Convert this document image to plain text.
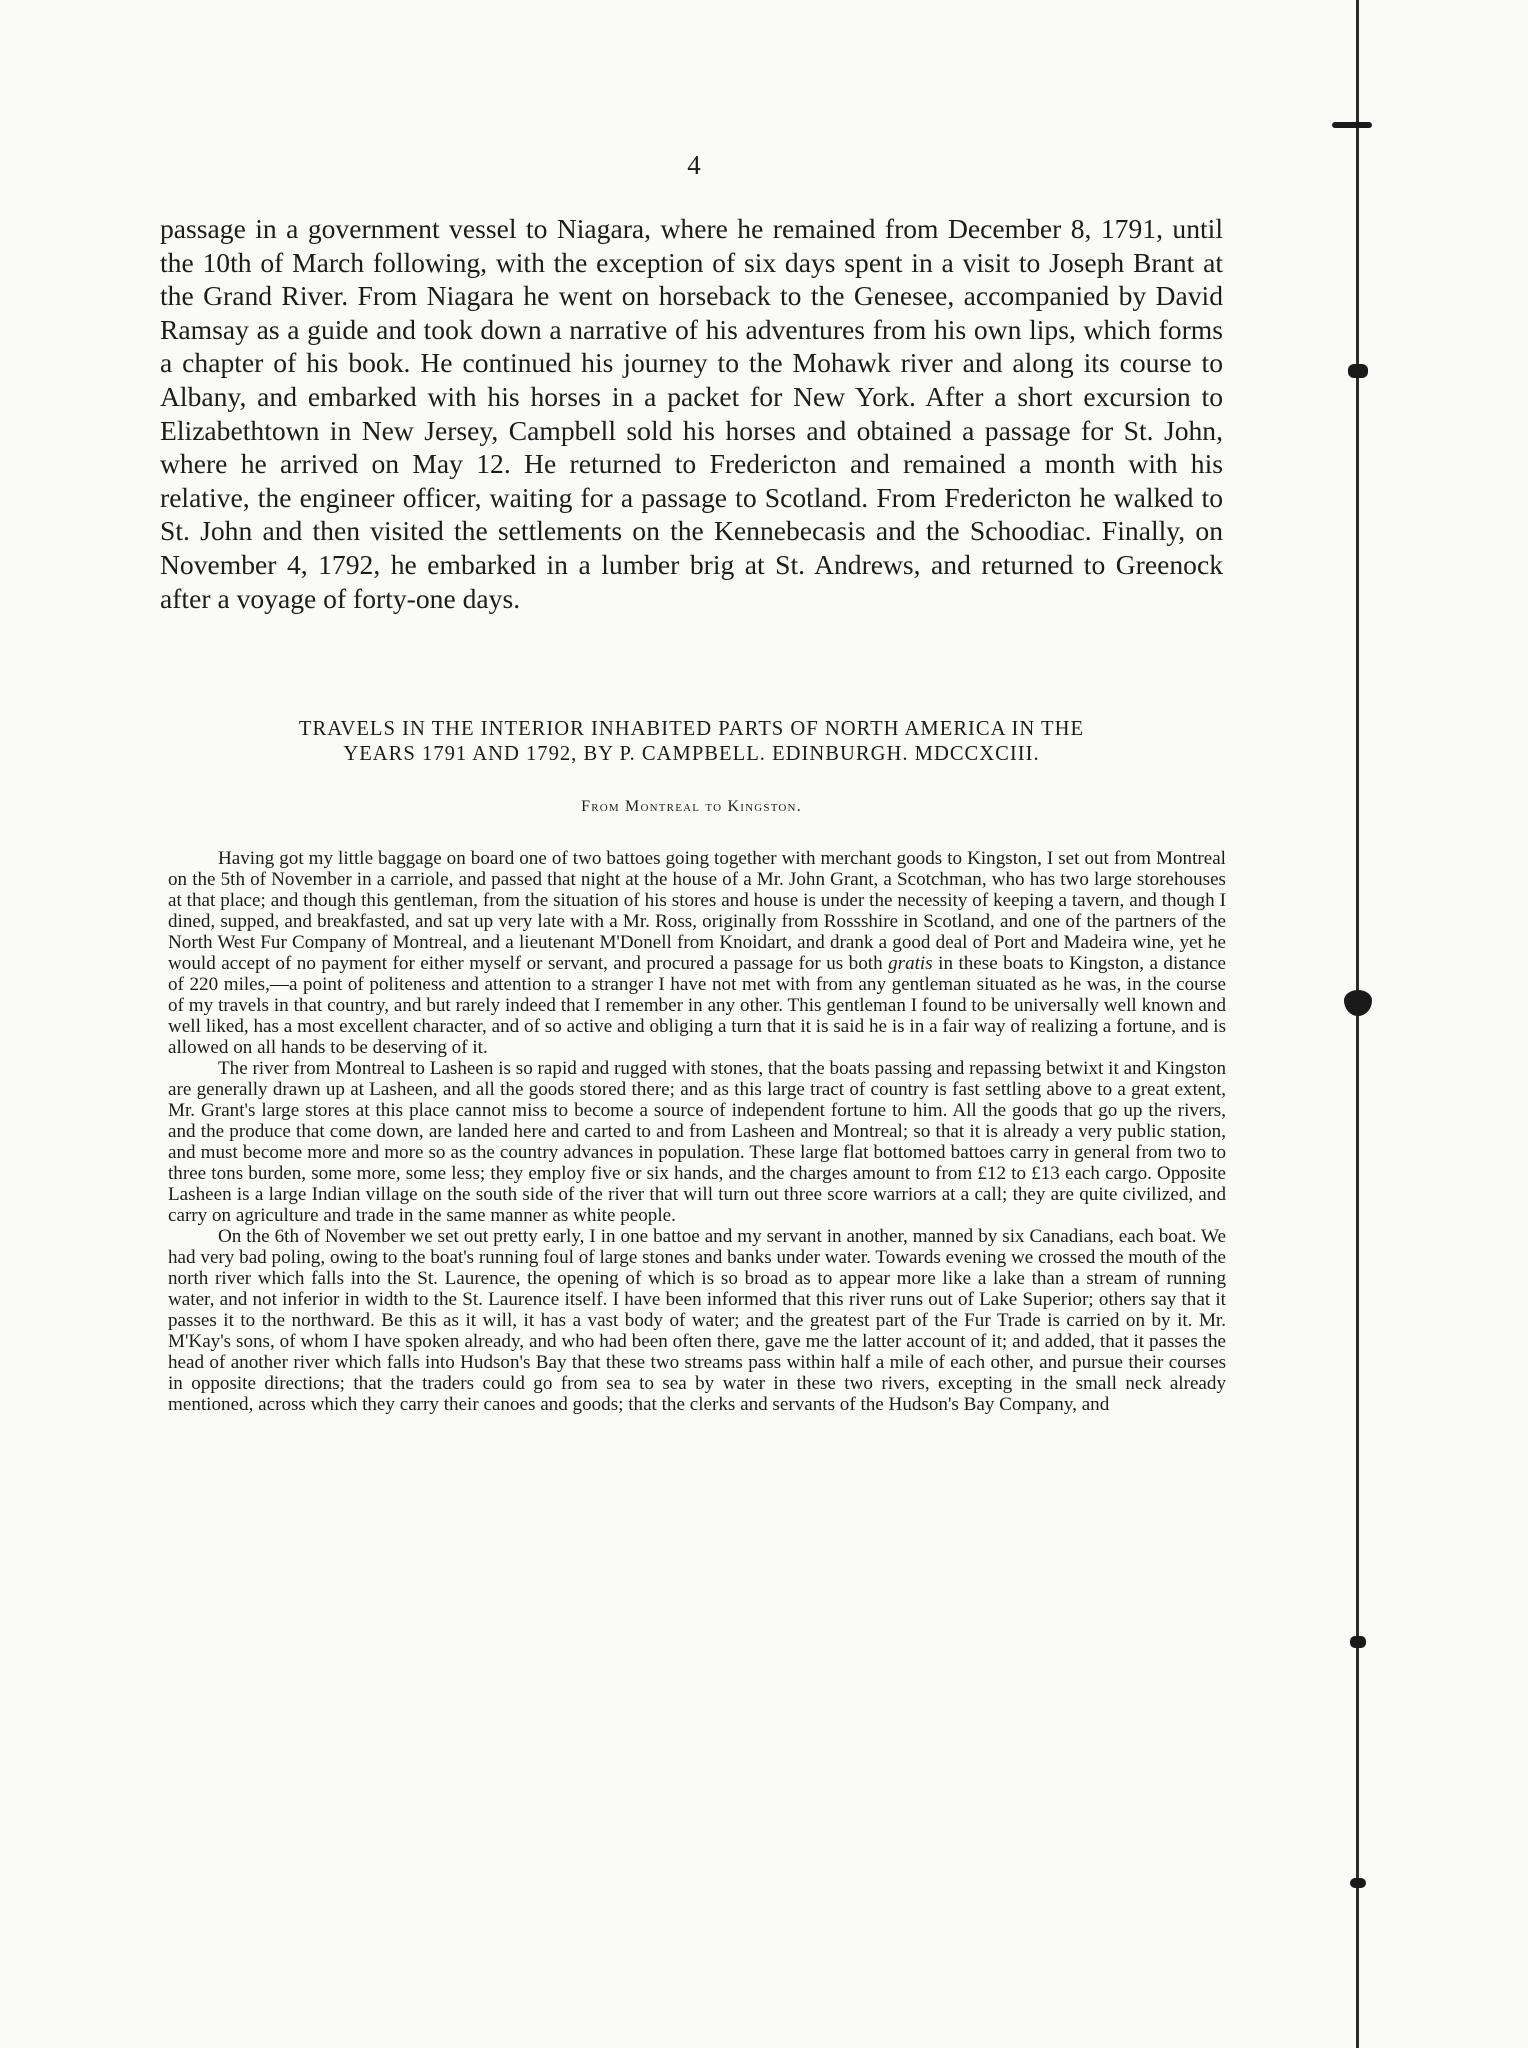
4

passage in a government vessel to Niagara, where he remained from December 8, 1791, until the 10th of March following, with the exception of six days spent in a visit to Joseph Brant at the Grand River. From Niagara he went on horseback to the Genesee, accompanied by David Ramsay as a guide and took down a narrative of his adventures from his own lips, which forms a chapter of his book. He continued his journey to the Mohawk river and along its course to Albany, and embarked with his horses in a packet for New York. After a short excursion to Elizabethtown in New Jersey, Campbell sold his horses and obtained a passage for St. John, where he arrived on May 12. He returned to Fredericton and remained a month with his relative, the engineer officer, waiting for a passage to Scotland. From Fredericton he walked to St. John and then visited the settlements on the Kennebecasis and the Schoodiac. Finally, on November 4, 1792, he embarked in a lumber brig at St. Andrews, and returned to Greenock after a voyage of forty-one days.

TRAVELS IN THE INTERIOR INHABITED PARTS OF NORTH AMERICA IN THE
YEARS 1791 AND 1792, BY P. CAMPBELL. EDINBURGH. MDCCXCIII.
From Montreal to Kingston.

Having got my little baggage on board one of two battoes going together with merchant goods to Kingston, I set out from Montreal on the 5th of November in a carriole, and passed that night at the house of a Mr. John Grant, a Scotchman, who has two large storehouses at that place; and though this gentleman, from the situation of his stores and house is under the necessity of keeping a tavern, and though I dined, supped, and breakfasted, and sat up very late with a Mr. Ross, originally from Rossshire in Scotland, and one of the partners of the North West Fur Company of Montreal, and a lieutenant M'Donell from Knoidart, and drank a good deal of Port and Madeira wine, yet he would accept of no payment for either myself or servant, and procured a passage for us both gratis in these boats to Kingston, a distance of 220 miles,—a point of politeness and attention to a stranger I have not met with from any gentleman situated as he was, in the course of my travels in that country, and but rarely indeed that I remember in any other. This gentleman I found to be universally well known and well liked, has a most excellent character, and of so active and obliging a turn that it is said he is in a fair way of realizing a fortune, and is allowed on all hands to be deserving of it.

The river from Montreal to Lasheen is so rapid and rugged with stones, that the boats passing and repassing betwixt it and Kingston are generally drawn up at Lasheen, and all the goods stored there; and as this large tract of country is fast settling above to a great extent, Mr. Grant's large stores at this place cannot miss to become a source of independent fortune to him. All the goods that go up the rivers, and the produce that come down, are landed here and carted to and from Lasheen and Montreal; so that it is already a very public station, and must become more and more so as the country advances in population. These large flat bottomed battoes carry in general from two to three tons burden, some more, some less; they employ five or six hands, and the charges amount to from £12 to £13 each cargo. Opposite Lasheen is a large Indian village on the south side of the river that will turn out three score warriors at a call; they are quite civilized, and carry on agriculture and trade in the same manner as white people.

On the 6th of November we set out pretty early, I in one battoe and my servant in another, manned by six Canadians, each boat. We had very bad poling, owing to the boat's running foul of large stones and banks under water. Towards evening we crossed the mouth of the north river which falls into the St. Laurence, the opening of which is so broad as to appear more like a lake than a stream of running water, and not inferior in width to the St. Laurence itself. I have been informed that this river runs out of Lake Superior; others say that it passes it to the northward. Be this as it will, it has a vast body of water; and the greatest part of the Fur Trade is carried on by it. Mr. M'Kay's sons, of whom I have spoken already, and who had been often there, gave me the latter account of it; and added, that it passes the head of another river which falls into Hudson's Bay that these two streams pass within half a mile of each other, and pursue their courses in opposite directions; that the traders could go from sea to sea by water in these two rivers, excepting in the small neck already mentioned, across which they carry their canoes and goods; that the clerks and servants of the Hudson's Bay Company, and
